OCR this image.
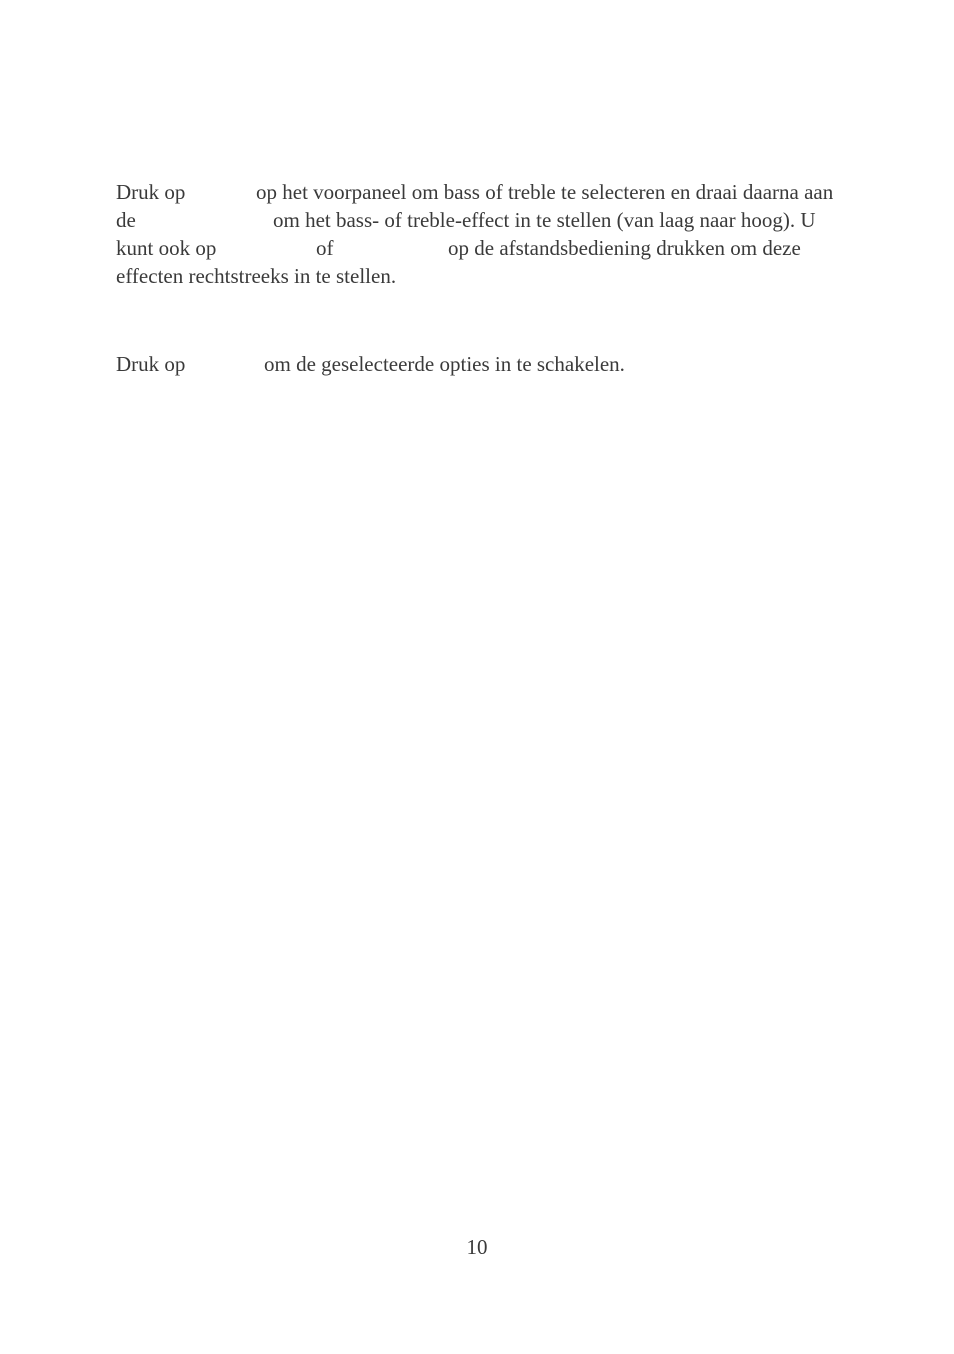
Druk op	op het voorpaneel om bass of treble te selecteren en draai daarna aan
de	om het bass- of treble-effect in te stellen (van laag naar hoog). U
kunt ook op	of	op de afstandsbediening drukken om deze
effecten rechtstreeks in te stellen.
Druk op	om de geselecteerde opties in te schakelen.
10
